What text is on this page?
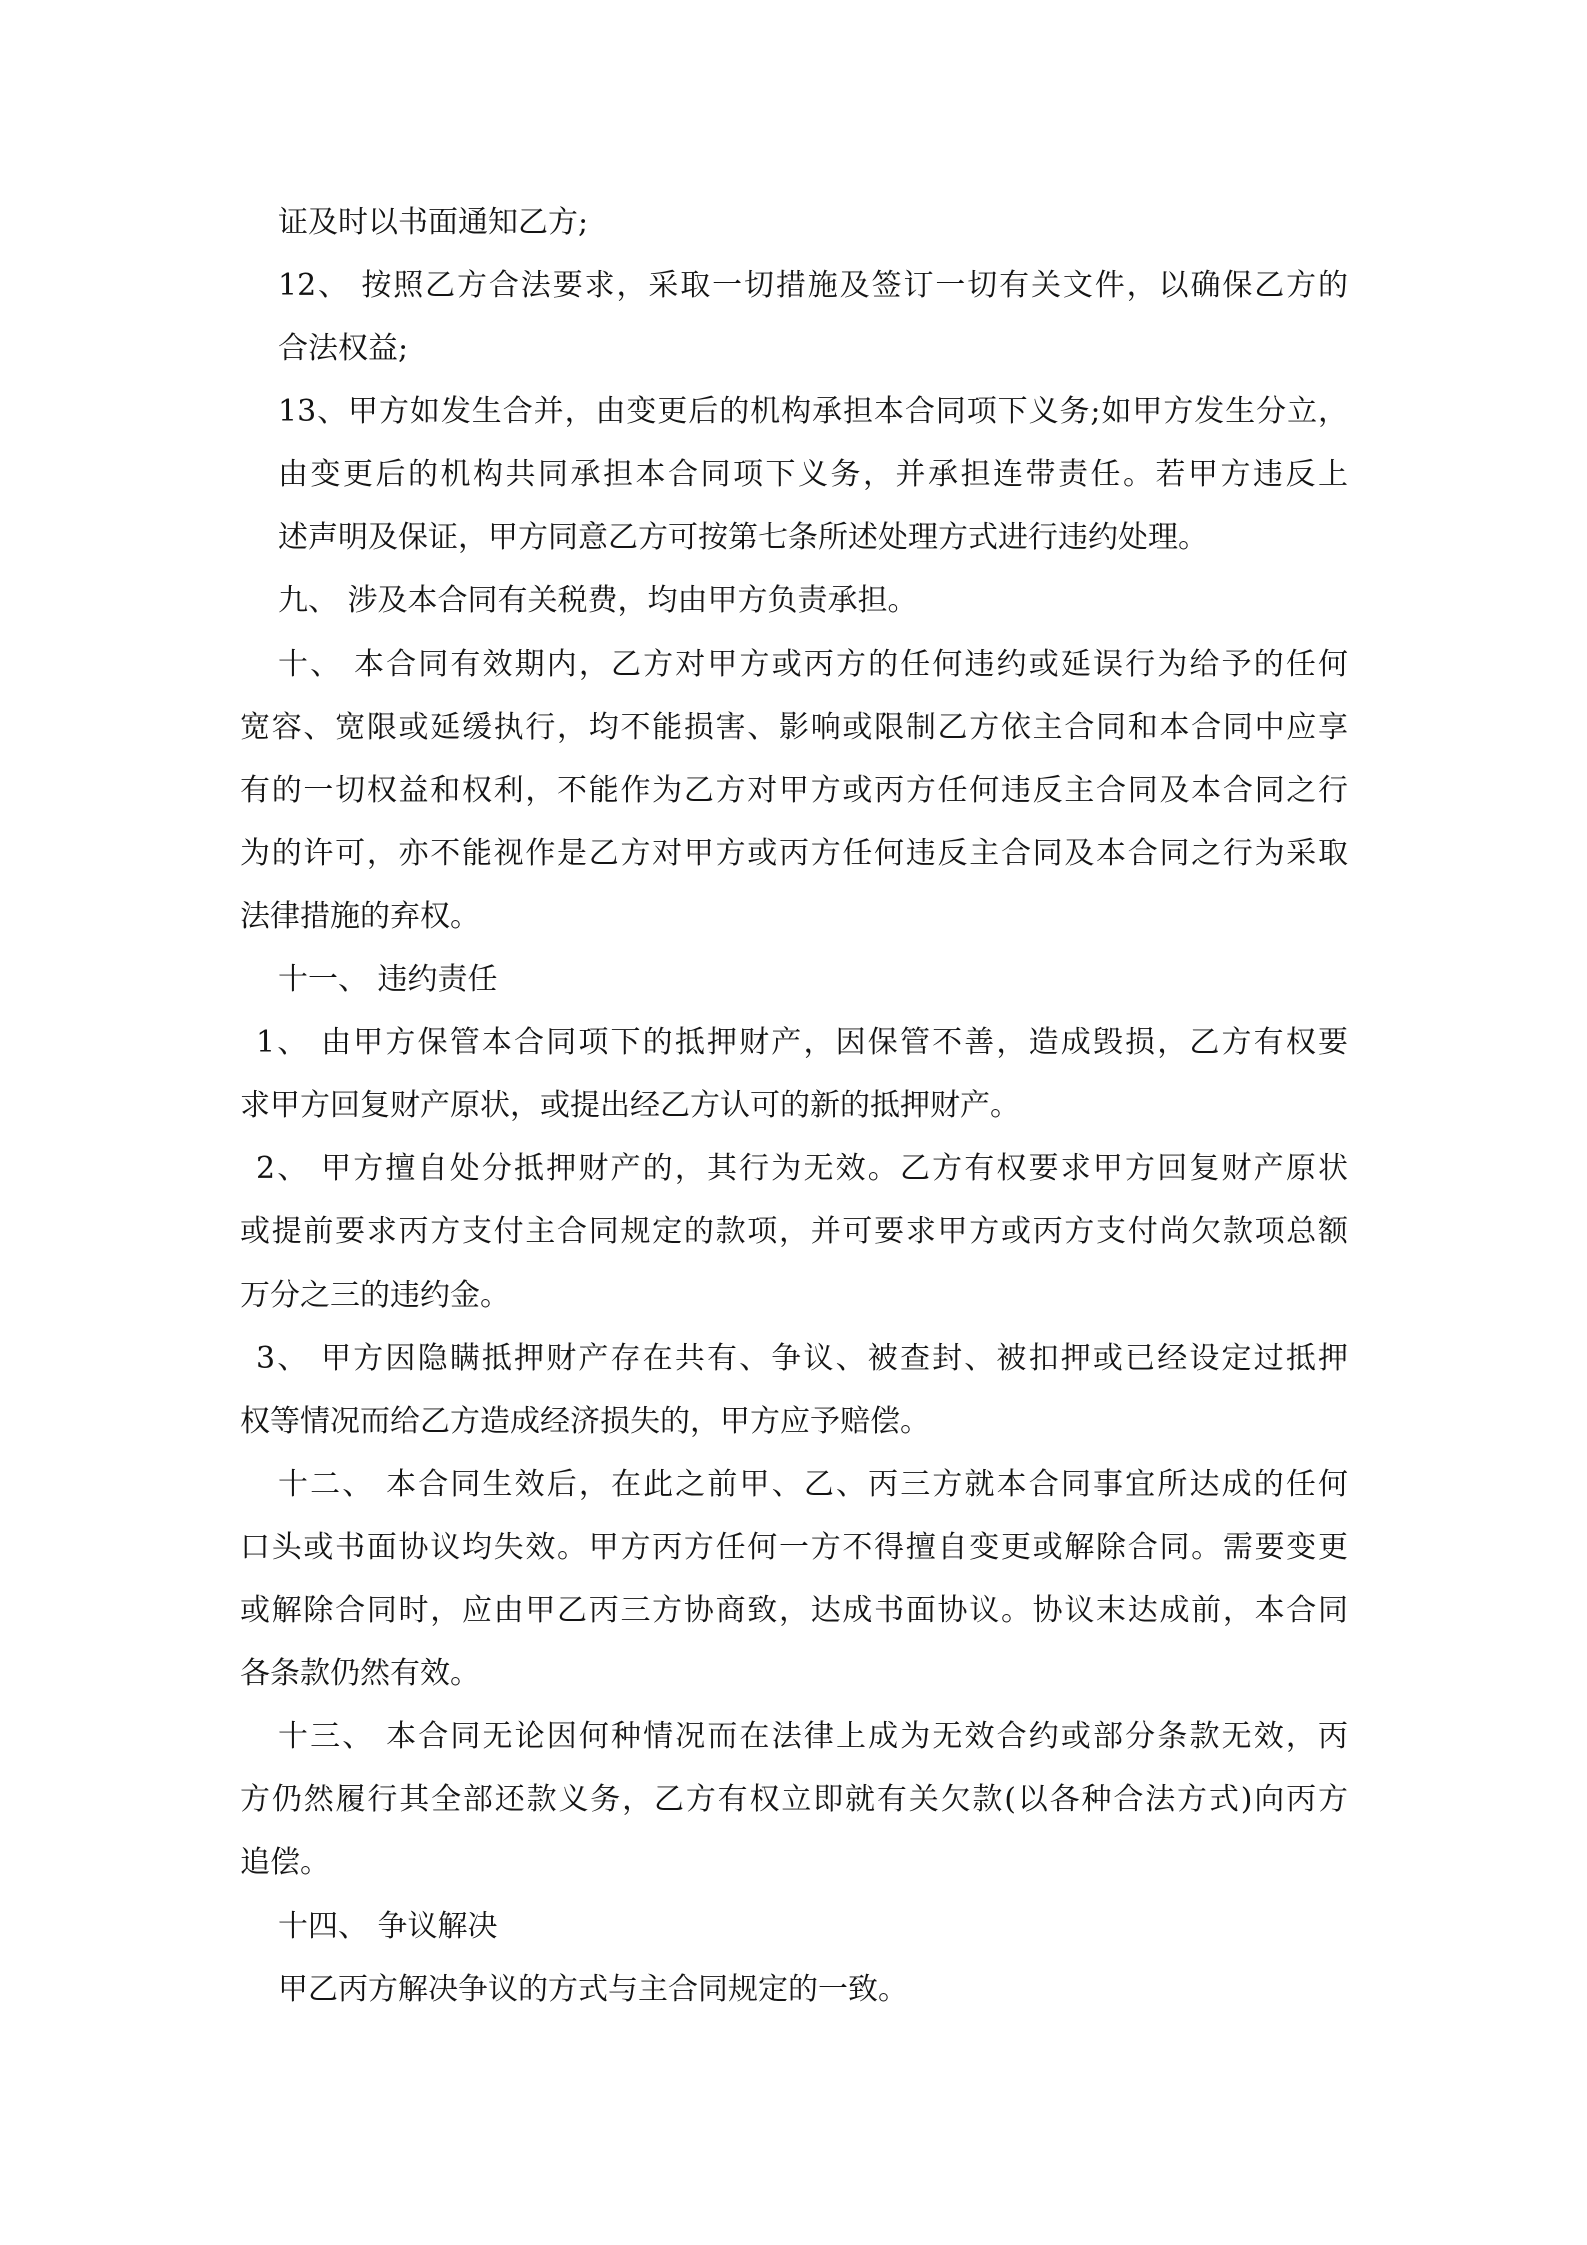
证及时以书面通知乙方;

12、 按照乙方合法要求，采取一切措施及签订一切有关文件，以确保乙方的

合法权益;

13、甲方如发生合并，由变更后的机构承担本合同项下义务;如甲方发生分立，

由变更后的机构共同承担本合同项下义务，并承担连带责任。若甲方违反上

述声明及保证，甲方同意乙方可按第七条所述处理方式进行违约处理。

九、 涉及本合同有关税费，均由甲方负责承担。

十、 本合同有效期内，乙方对甲方或丙方的任何违约或延误行为给予的任何

宽容、宽限或延缓执行，均不能损害、影响或限制乙方依主合同和本合同中应享

有的一切权益和权利，不能作为乙方对甲方或丙方任何违反主合同及本合同之行

为的许可，亦不能视作是乙方对甲方或丙方任何违反主合同及本合同之行为采取

法律措施的弃权。

十一、 违约责任

1、 由甲方保管本合同项下的抵押财产，因保管不善，造成毁损，乙方有权要

求甲方回复财产原状，或提出经乙方认可的新的抵押财产。

2、 甲方擅自处分抵押财产的，其行为无效。乙方有权要求甲方回复财产原状

或提前要求丙方支付主合同规定的款项，并可要求甲方或丙方支付尚欠款项总额

万分之三的违约金。

3、 甲方因隐瞒抵押财产存在共有、争议、被查封、被扣押或已经设定过抵押

权等情况而给乙方造成经济损失的，甲方应予赔偿。

十二、 本合同生效后，在此之前甲、乙、丙三方就本合同事宜所达成的任何

口头或书面协议均失效。甲方丙方任何一方不得擅自变更或解除合同。需要变更

或解除合同时，应由甲乙丙三方协商致，达成书面协议。协议末达成前，本合同

各条款仍然有效。

十三、 本合同无论因何种情况而在法律上成为无效合约或部分条款无效，丙

方仍然履行其全部还款义务，乙方有权立即就有关欠款(以各种合法方式)向丙方

追偿。

十四、 争议解决

甲乙丙方解决争议的方式与主合同规定的一致。
